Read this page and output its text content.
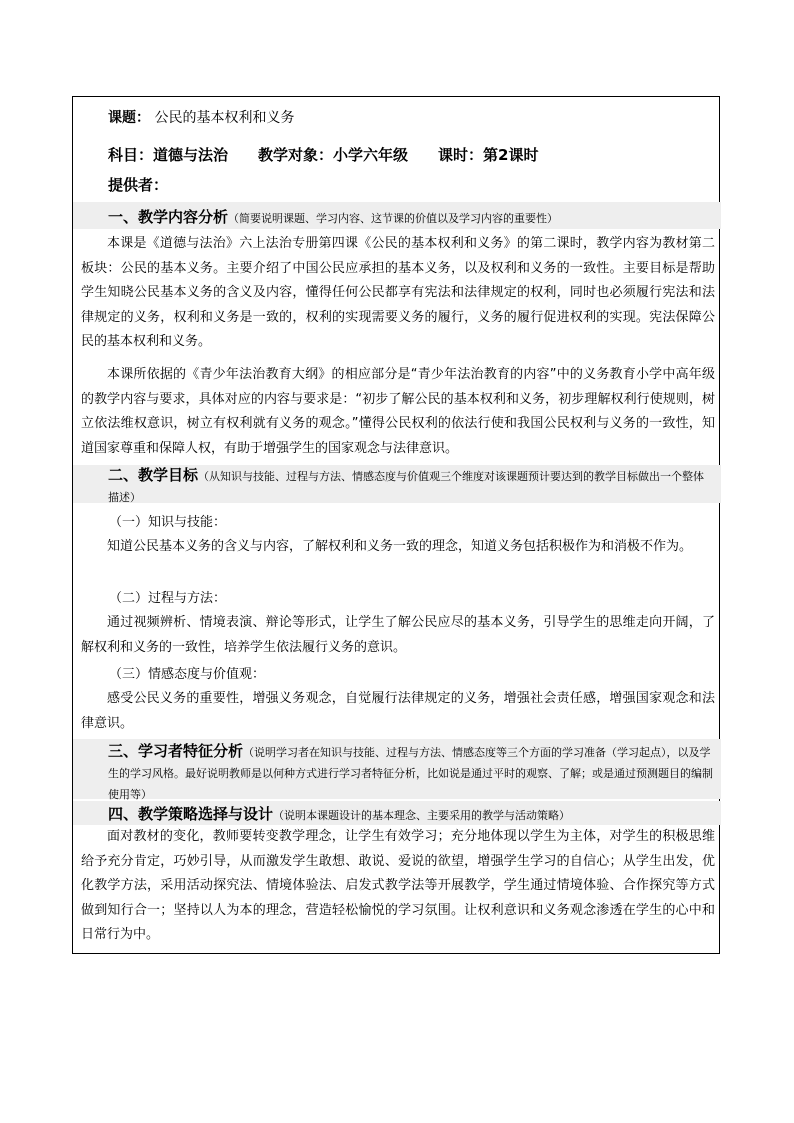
课题： 公民的基本权利和义务
科目：道德与法治　　教学对象：小学六年级　　课时：第2课时
提供者：
一、教学内容分析（简要说明课题、学习内容、这节课的价值以及学习内容的重要性）

本课是《道德与法治》六上法治专册第四课《公民的基本权利和义务》的第二课时，教学内容为教材第二板块：公民的基本义务。主要介绍了中国公民应承担的基本义务，以及权利和义务的一致性。主要目标是帮助学生知晓公民基本义务的含义及内容，懂得任何公民都享有宪法和法律规定的权利，同时也必须履行宪法和法律规定的义务，权利和义务是一致的，权利的实现需要义务的履行，义务的履行促进权利的实现。宪法保障公民的基本权利和义务。

本课所依据的《青少年法治教育大纲》的相应部分是“青少年法治教育的内容”中的义务教育小学中高年级的教学内容与要求，具体对应的内容与要求是：“初步了解公民的基本权利和义务，初步理解权利行使规则，树立依法维权意识，树立有权利就有义务的观念。”懂得公民权利的依法行使和我国公民权利与义务的一致性，知道国家尊重和保障人权，有助于增强学生的国家观念与法律意识。

二、教学目标（从知识与技能、过程与方法、情感态度与价值观三个维度对该课题预计要达到的教学目标做出一个整体描述）
（一）知识与技能：

知道公民基本义务的含义与内容，了解权利和义务一致的理念，知道义务包括积极作为和消极不作为。

（二）过程与方法：

通过视频辨析、情境表演、辩论等形式，让学生了解公民应尽的基本义务，引导学生的思维走向开阔，了解权利和义务的一致性，培养学生依法履行义务的意识。

（三）情感态度与价值观：

感受公民义务的重要性，增强义务观念，自觉履行法律规定的义务，增强社会责任感，增强国家观念和法律意识。

三、学习者特征分析（说明学习者在知识与技能、过程与方法、情感态度等三个方面的学习准备（学习起点），以及学生的学习风格。最好说明教师是以何种方式进行学习者特征分析，比如说是通过平时的观察、了解；或是通过预测题目的编制使用等）
四、教学策略选择与设计（说明本课题设计的基本理念、主要采用的教学与活动策略）

面对教材的变化，教师要转变教学理念，让学生有效学习；充分地体现以学生为主体，对学生的积极思维给予充分肯定，巧妙引导，从而激发学生敢想、敢说、爱说的欲望，增强学生学习的自信心；从学生出发，优化教学方法，采用活动探究法、情境体验法、启发式教学法等开展教学，学生通过情境体验、合作探究等方式做到知行合一；坚持以人为本的理念，营造轻松愉悦的学习氛围。让权利意识和义务观念渗透在学生的心中和日常行为中。
